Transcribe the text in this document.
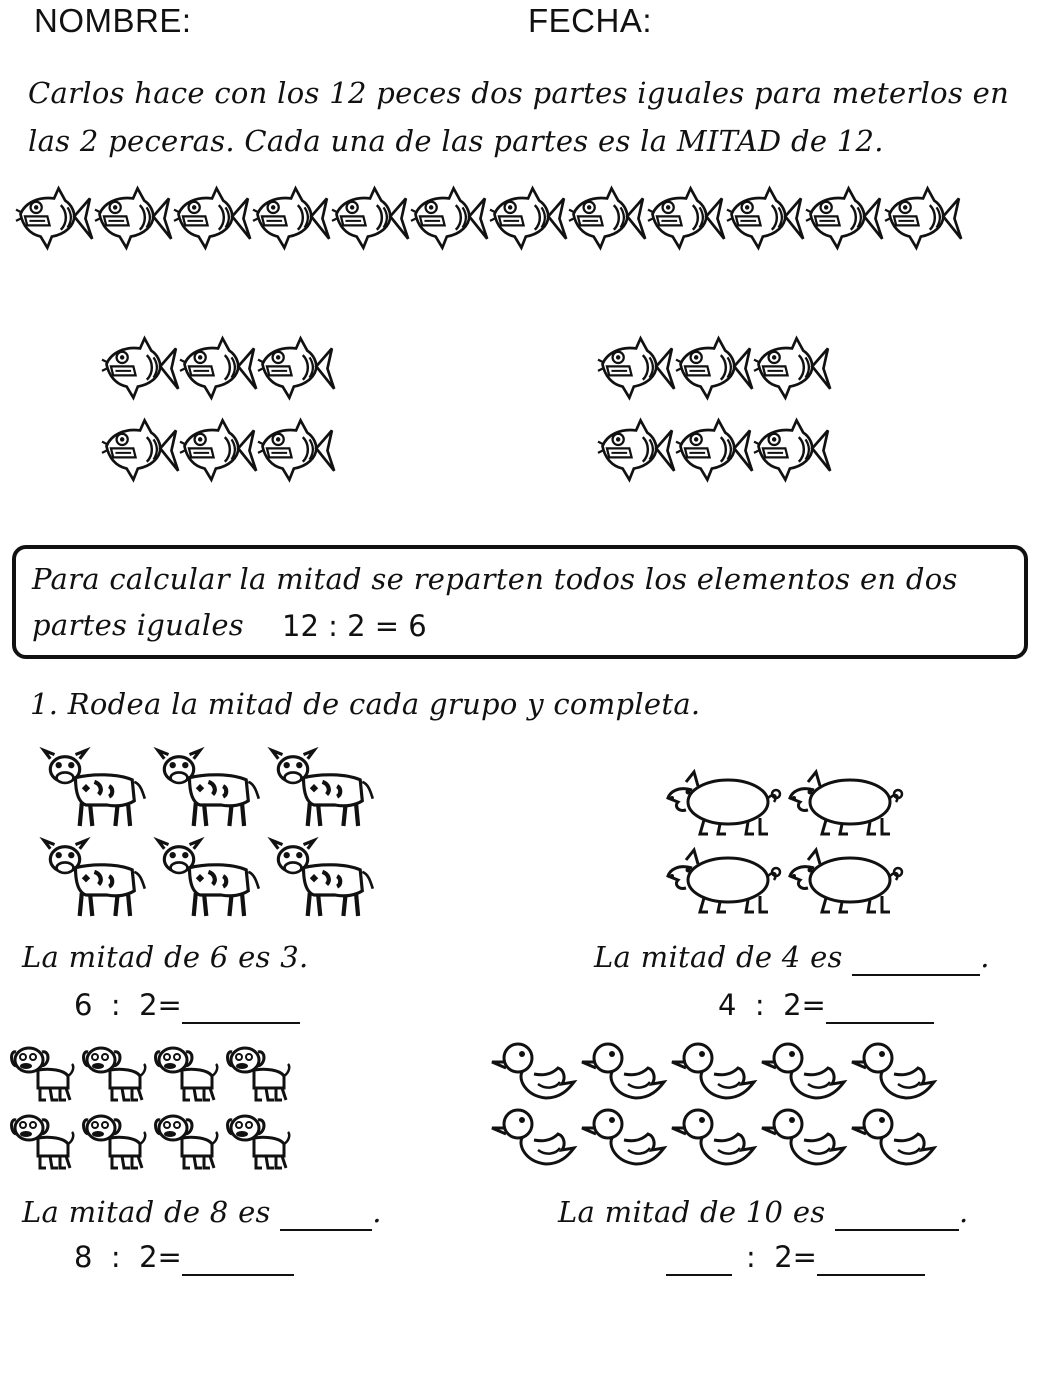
NOMBRE:	FECHA:
Carlos hace con los 12 peces dos partes iguales para meterlos en
las 2 peceras. Cada una de las partes es la MITAD de 12.
Para calcular la mitad se reparten todos los elementos en dos
partes iguales 12 : 2 = 6
1. Rodea la mitad de cada grupo y completa.
La mitad de 6 es 3.
6  :  2=
La mitad de 4 es	.
4  :  2=
La mitad de 8 es	.
8  :  2=
La mitad de 10 es	.
:  2=
